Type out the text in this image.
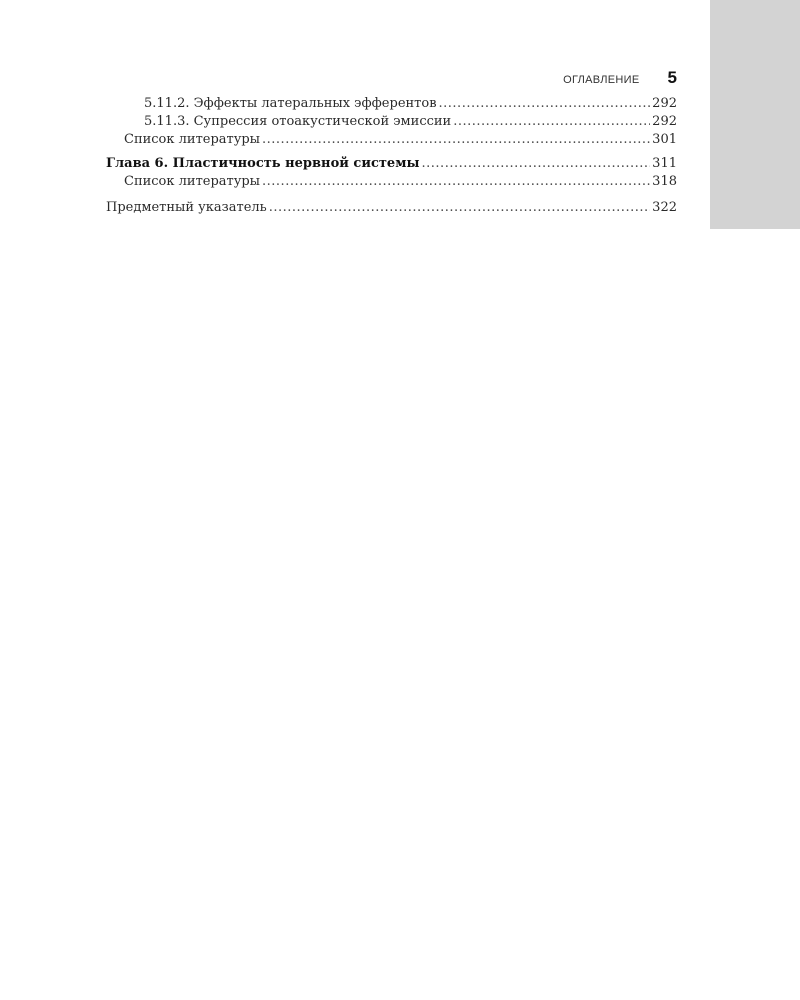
ОГЛАВЛЕНИЕ 5
5.11.2. Эффекты латеральных эфферентов .....	292
5.11.3. Супрессия отоакустической эмиссии .....	292
Список литературы .....	301
Глава 6. Пластичность нервной системы .....	311
Список литературы .....	318
Предметный указатель .....	322
